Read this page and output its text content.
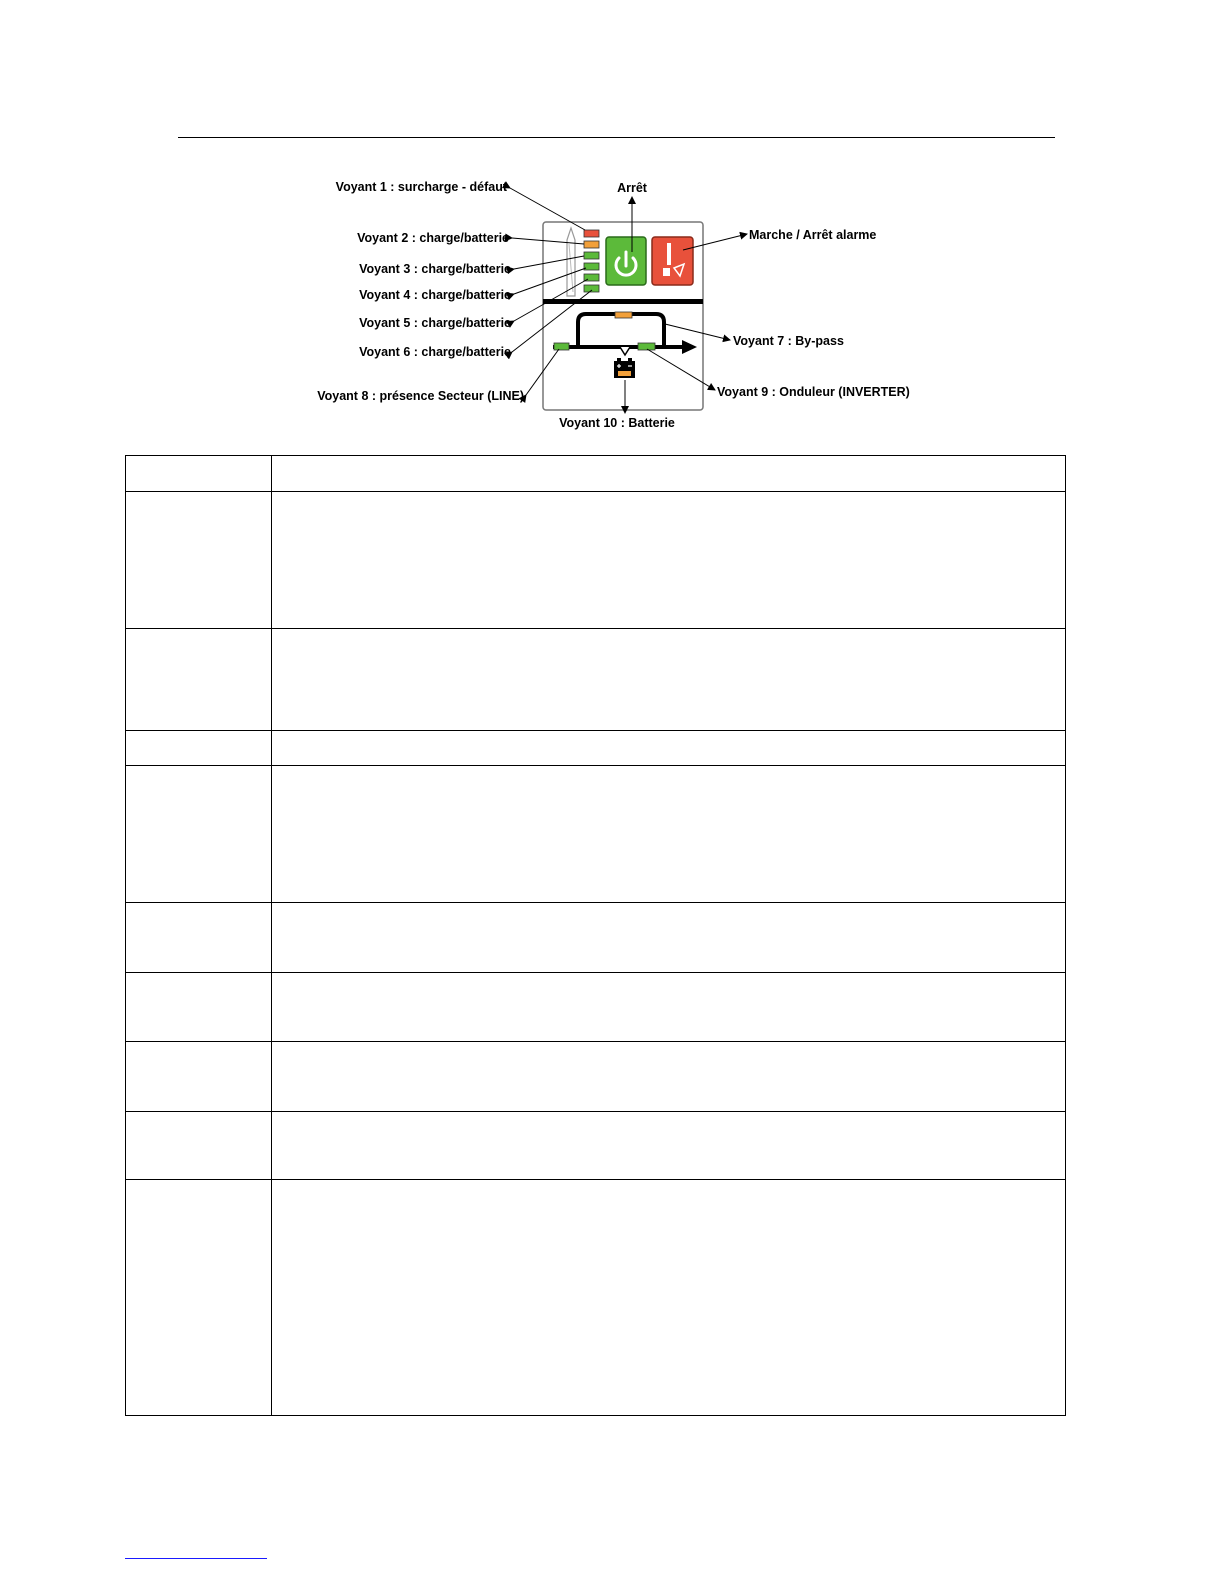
Voyant 1 : surcharge - défaut	Arrêt
Voyant 2 : charge/batterie
Voyant 3 : charge/batterie
Voyant 4 : charge/batterie
Voyant 5 : charge/batterie
Voyant 6 : charge/batterie
Marche / Arrêt alarme
Voyant 7 : By-pass
Voyant 8 : présence Secteur (LINE)	Voyant 9 : Onduleur (INVERTER)
Voyant 10 : Batterie
